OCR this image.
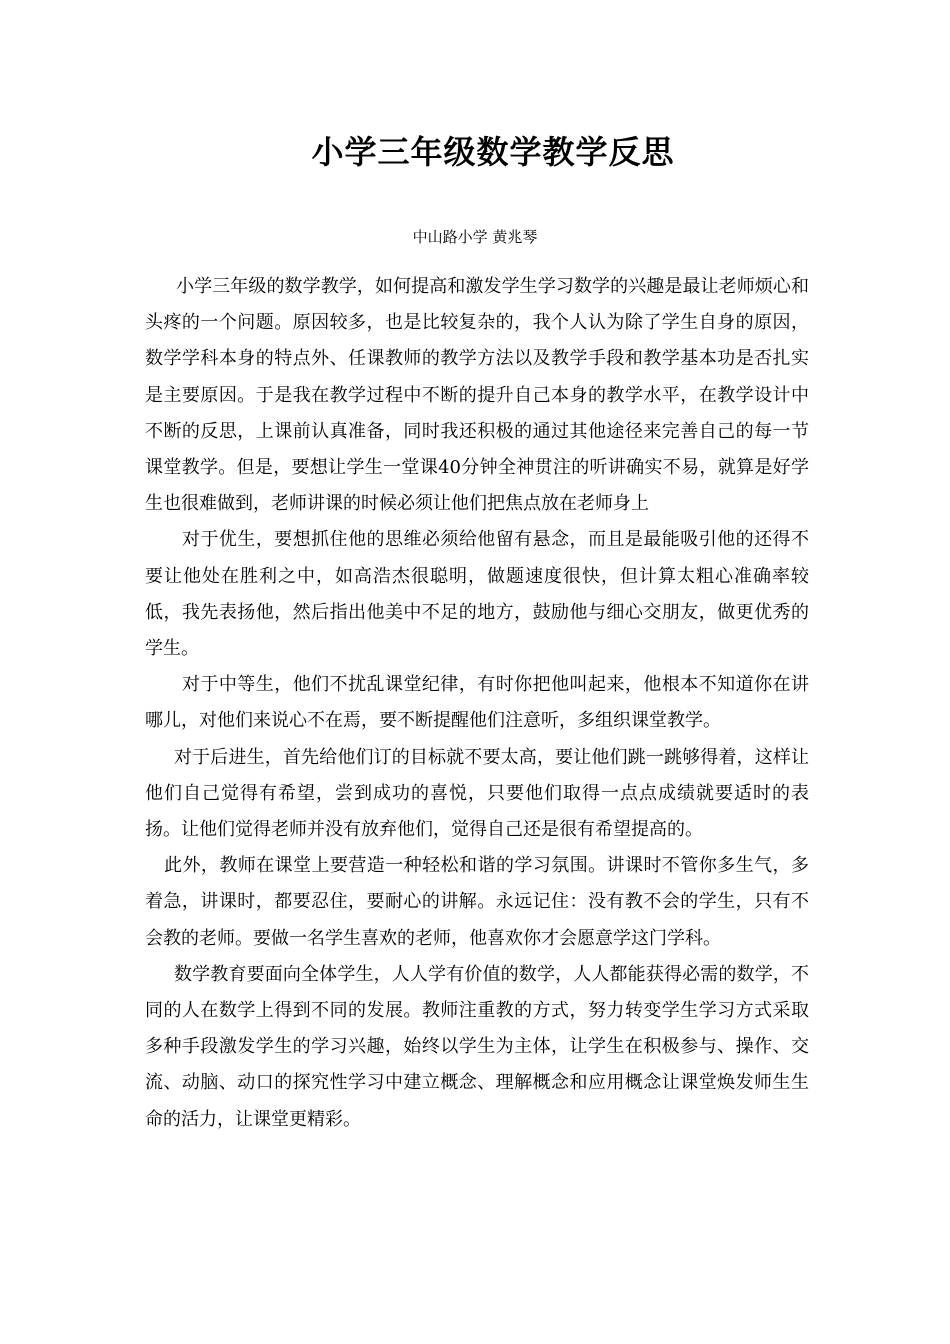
小学三年级数学教学反思

中山路小学 黄兆琴

小学三年级的数学教学，如何提高和激发学生学习数学的兴趣是最让老师烦心和头疼的一个问题。原因较多，也是比较复杂的，我个人认为除了学生自身的原因，数学学科本身的特点外、任课教师的教学方法以及教学手段和教学基本功是否扎实是主要原因。于是我在教学过程中不断的提升自己本身的教学水平，在教学设计中不断的反思，上课前认真准备，同时我还积极的通过其他途径来完善自己的每一节课堂教学。但是，要想让学生一堂课40分钟全神贯注的听讲确实不易，就算是好学生也很难做到，老师讲课的时候必须让他们把焦点放在老师身上

对于优生，要想抓住他的思维必须给他留有悬念，而且是最能吸引他的还得不要让他处在胜利之中，如高浩杰很聪明，做题速度很快，但计算太粗心准确率较低，我先表扬他，然后指出他美中不足的地方，鼓励他与细心交朋友，做更优秀的学生。

对于中等生，他们不扰乱课堂纪律，有时你把他叫起来，他根本不知道你在讲哪儿，对他们来说心不在焉，要不断提醒他们注意听，多组织课堂教学。

对于后进生，首先给他们订的目标就不要太高，要让他们跳一跳够得着，这样让他们自己觉得有希望，尝到成功的喜悦，只要他们取得一点点成绩就要适时的表扬。让他们觉得老师并没有放弃他们，觉得自己还是很有希望提高的。

此外，教师在课堂上要营造一种轻松和谐的学习氛围。讲课时不管你多生气，多着急，讲课时，都要忍住，要耐心的讲解。永远记住：没有教不会的学生，只有不会教的老师。要做一名学生喜欢的老师，他喜欢你才会愿意学这门学科。

数学教育要面向全体学生，人人学有价值的数学，人人都能获得必需的数学，不同的人在数学上得到不同的发展。教师注重教的方式，努力转变学生学习方式采取多种手段激发学生的学习兴趣，始终以学生为主体，让学生在积极参与、操作、交流、动脑、动口的探究性学习中建立概念、理解概念和应用概念让课堂焕发师生生命的活力，让课堂更精彩。
